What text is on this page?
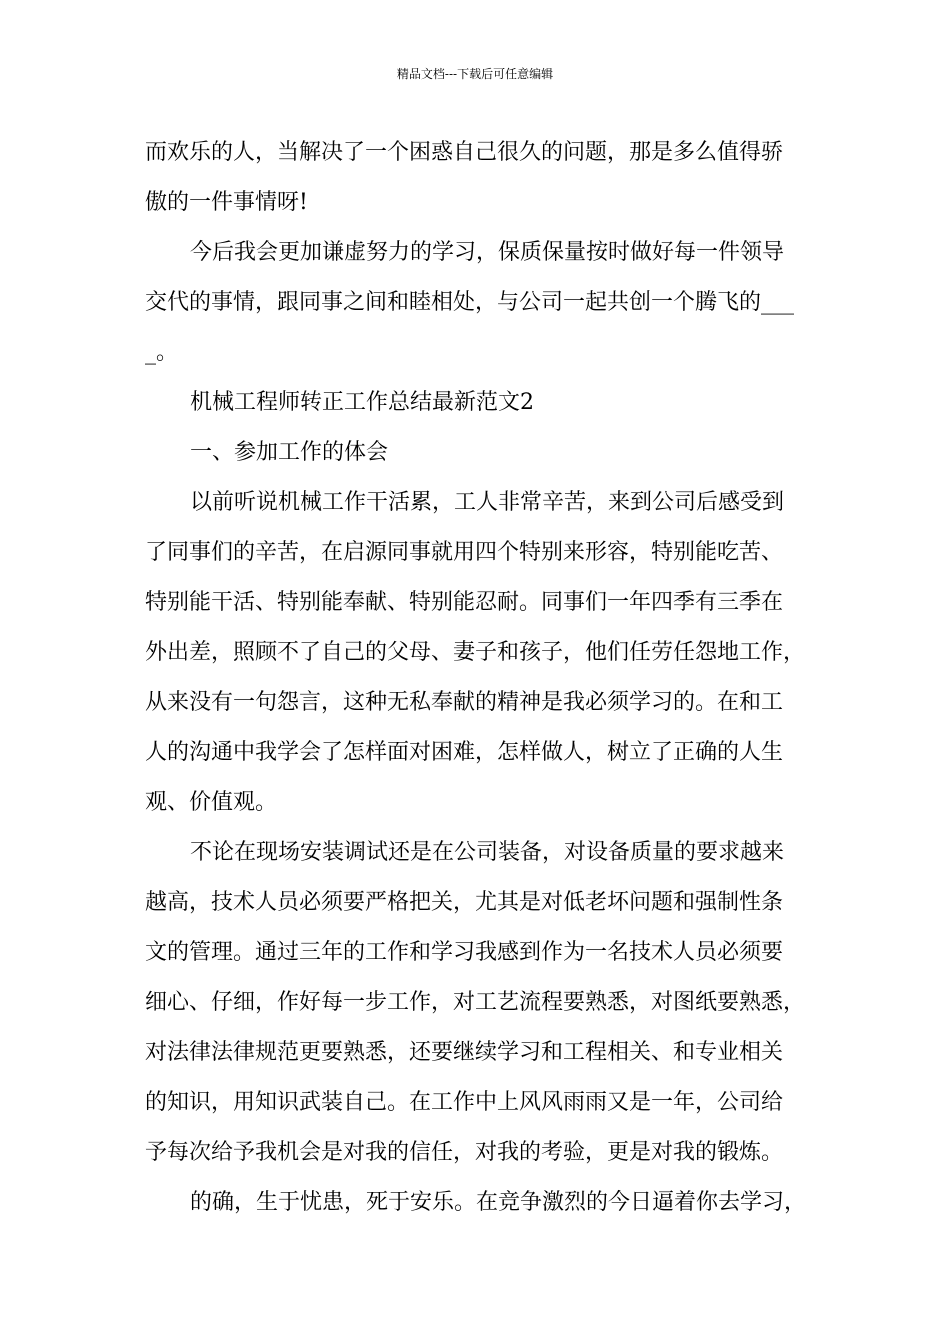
精品文档---下载后可任意编辑
而欢乐的人，当解决了一个困惑自己很久的问题，那是多么值得骄
傲的一件事情呀!
今后我会更加谦虚努力的学习，保质保量按时做好每一件领导
交代的事情，跟同事之间和睦相处，与公司一起共创一个腾飞的___
_。
机械工程师转正工作总结最新范文2
一、参加工作的体会
以前听说机械工作干活累，工人非常辛苦，来到公司后感受到
了同事们的辛苦，在启源同事就用四个特别来形容，特别能吃苦、
特别能干活、特别能奉献、特别能忍耐。同事们一年四季有三季在
外出差，照顾不了自己的父母、妻子和孩子，他们任劳任怨地工作，
从来没有一句怨言，这种无私奉献的精神是我必须学习的。在和工
人的沟通中我学会了怎样面对困难，怎样做人，树立了正确的人生
观、价值观。
不论在现场安装调试还是在公司装备，对设备质量的要求越来
越高，技术人员必须要严格把关，尤其是对低老坏问题和强制性条
文的管理。通过三年的工作和学习我感到作为一名技术人员必须要
细心、仔细，作好每一步工作，对工艺流程要熟悉，对图纸要熟悉，
对法律法律规范更要熟悉，还要继续学习和工程相关、和专业相关
的知识，用知识武装自己。在工作中上风风雨雨又是一年，公司给
予每次给予我机会是对我的信任，对我的考验，更是对我的锻炼。
的确，生于忧患，死于安乐。在竞争激烈的今日逼着你去学习，
